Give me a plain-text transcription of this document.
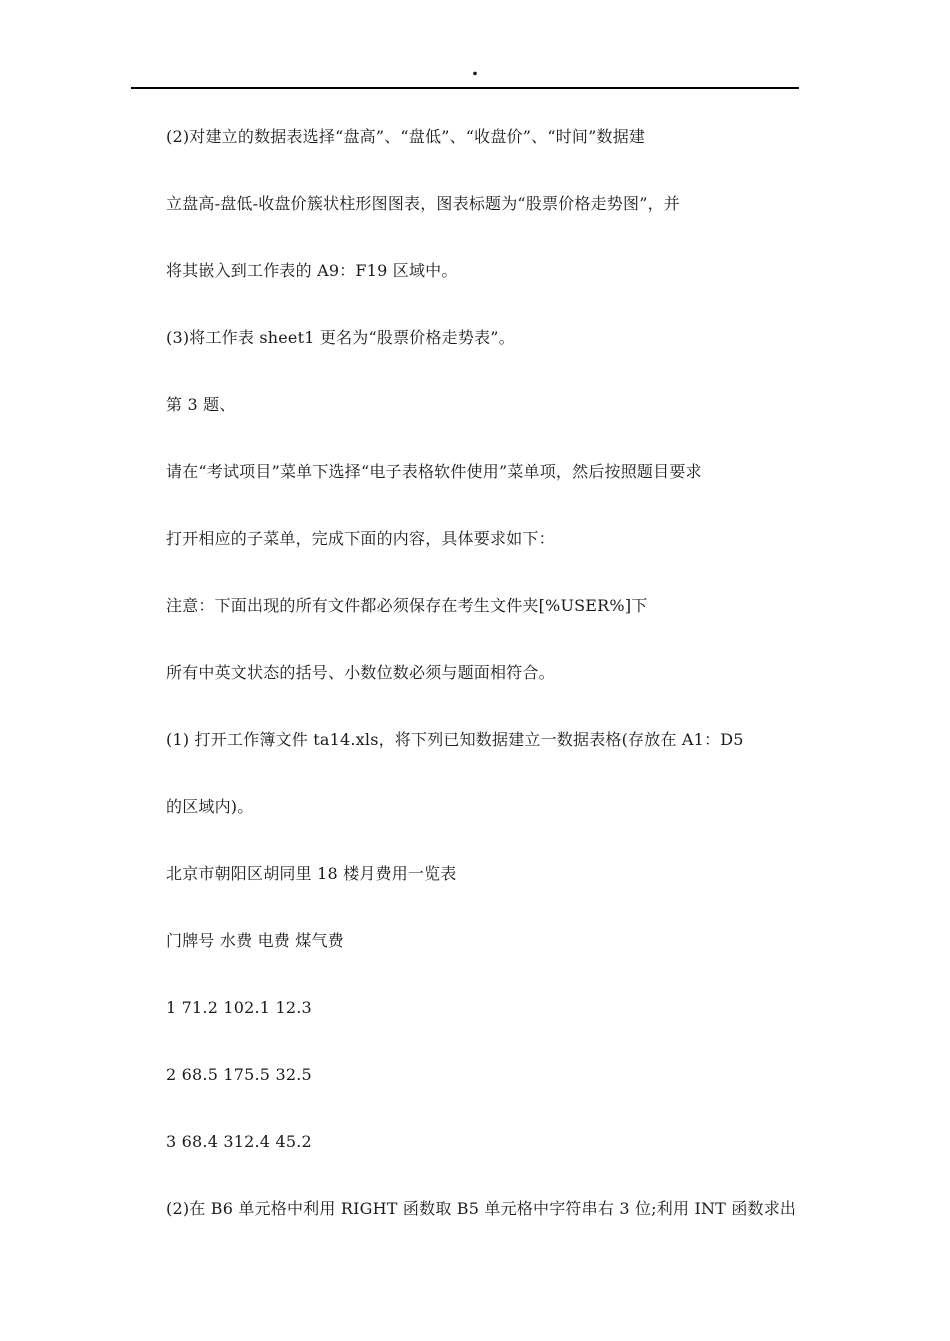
.
(2)对建立的数据表选择“盘高”、“盘低”、“收盘价”、“时间”数据建
立盘高-盘低-收盘价簇状柱形图图表，图表标题为“股票价格走势图”，并
将其嵌入到工作表的 A9：F19 区域中。
(3)将工作表 sheet1 更名为“股票价格走势表”。
第 3 题、
请在“考试项目”菜单下选择“电子表格软件使用”菜单项，然后按照题目要求
打开相应的子菜单，完成下面的内容，具体要求如下：
注意：下面出现的所有文件都必须保存在考生文件夹[%USER%]下
所有中英文状态的括号、小数位数必须与题面相符合。
(1) 打开工作簿文件 ta14.xls，将下列已知数据建立一数据表格(存放在 A1：D5
的区域内)。
北京市朝阳区胡同里 18 楼月费用一览表
门牌号 水费 电费 煤气费
1 71.2 102.1 12.3
2 68.5 175.5 32.5
3 68.4 312.4 45.2
(2)在 B6 单元格中利用 RIGHT 函数取 B5 单元格中字符串右 3 位;利用 INT 函数求出
